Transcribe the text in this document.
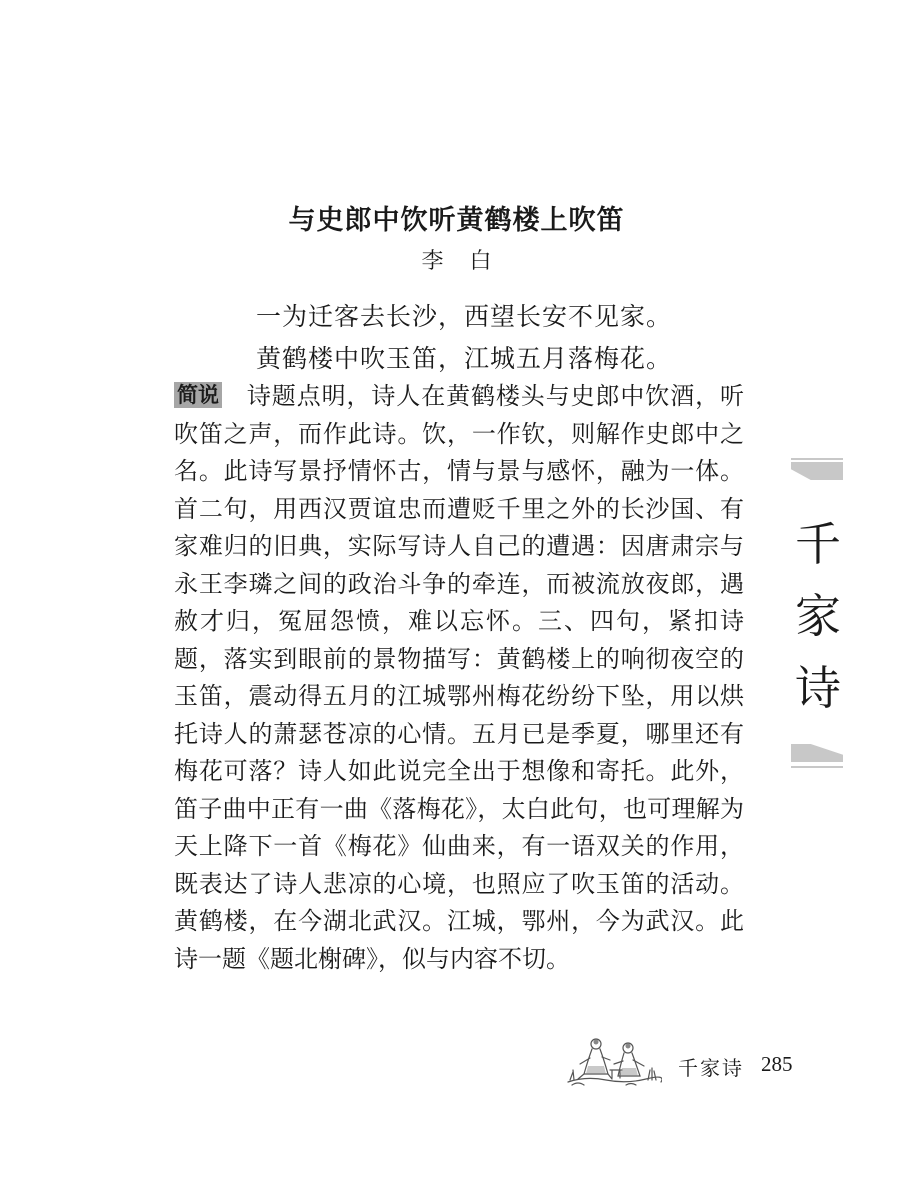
与史郎中饮听黄鹤楼上吹笛
李白
一为迁客去长沙，西望长安不见家。
黄鹤楼中吹玉笛，江城五月落梅花。
简说 诗题点明，诗人在黄鹤楼头与史郎中饮酒，听吹笛之声，而作此诗。饮，一作钦，则解作史郎中之名。此诗写景抒情怀古，情与景与感怀，融为一体。首二句，用西汉贾谊忠而遭贬千里之外的长沙国、有家难归的旧典，实际写诗人自己的遭遇：因唐肃宗与永王李璘之间的政治斗争的牵连，而被流放夜郎，遇赦才归，冤屈怨愤，难以忘怀。三、四句，紧扣诗题，落实到眼前的景物描写：黄鹤楼上的响彻夜空的玉笛，震动得五月的江城鄂州梅花纷纷下坠，用以烘托诗人的萧瑟苍凉的心情。五月已是季夏，哪里还有梅花可落？诗人如此说完全出于想像和寄托。此外，笛子曲中正有一曲《落梅花》，太白此句，也可理解为天上降下一首《梅花》仙曲来，有一语双关的作用，既表达了诗人悲凉的心境，也照应了吹玉笛的活动。黄鹤楼，在今湖北武汉。江城，鄂州，今为武汉。此诗一题《题北榭碑》，似与内容不切。
千
家
诗
千家诗 285
